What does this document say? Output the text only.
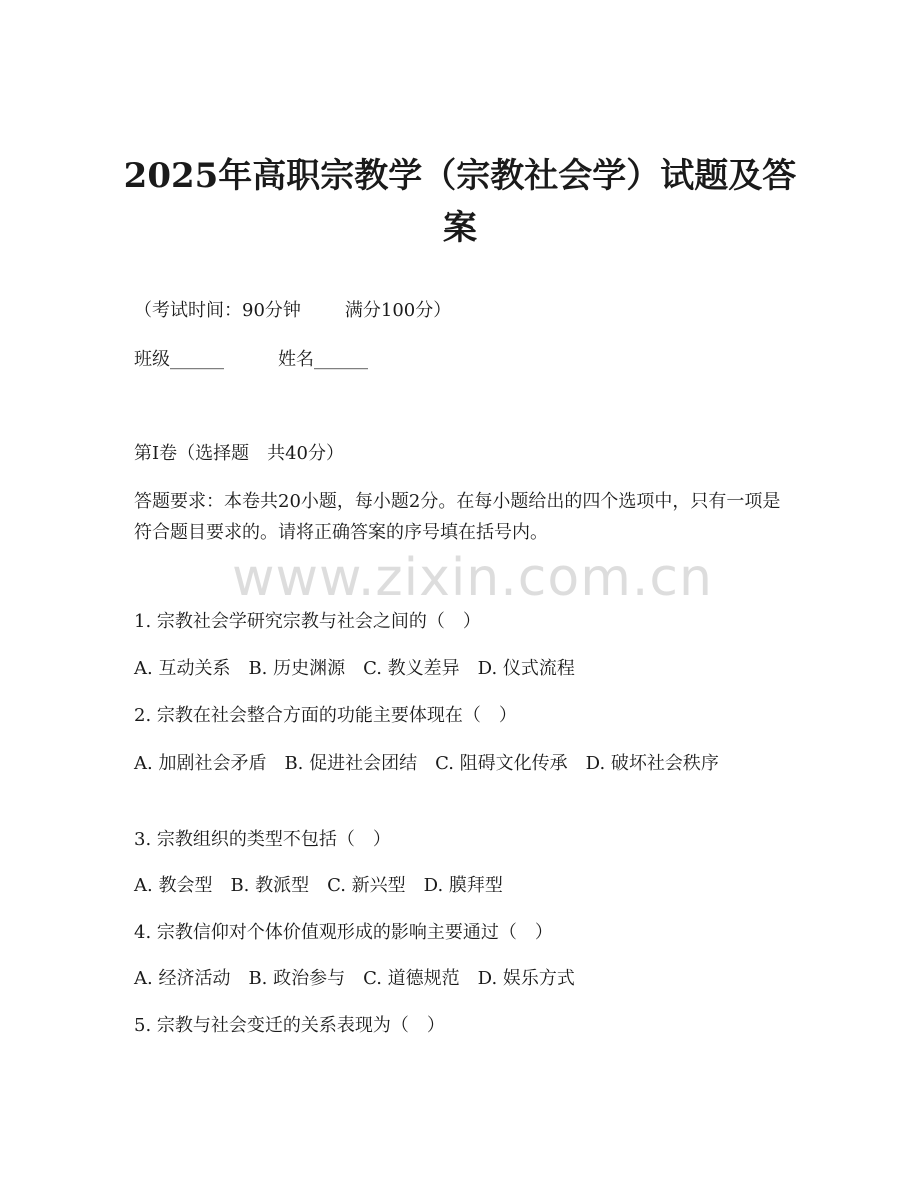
2025年高职宗教学（宗教社会学）试题及答案

（考试时间：90分钟 满分100分）

班级______	姓名______

第I卷（选择题　共40分）

答题要求：本卷共20小题，每小题2分。在每小题给出的四个选项中，只有一项是符合题目要求的。请将正确答案的序号填在括号内。

1. 宗教社会学研究宗教与社会之间的（　）

A. 互动关系　B. 历史渊源　C. 教义差异　D. 仪式流程

2. 宗教在社会整合方面的功能主要体现在（　）

A. 加剧社会矛盾　B. 促进社会团结　C. 阻碍文化传承　D. 破坏社会秩序

3. 宗教组织的类型不包括（　）

A. 教会型　B. 教派型　C. 新兴型　D. 膜拜型

4. 宗教信仰对个体价值观形成的影响主要通过（　）

A. 经济活动　B. 政治参与　C. 道德规范　D. 娱乐方式

5. 宗教与社会变迁的关系表现为（　）

www.zixin.com.cn
